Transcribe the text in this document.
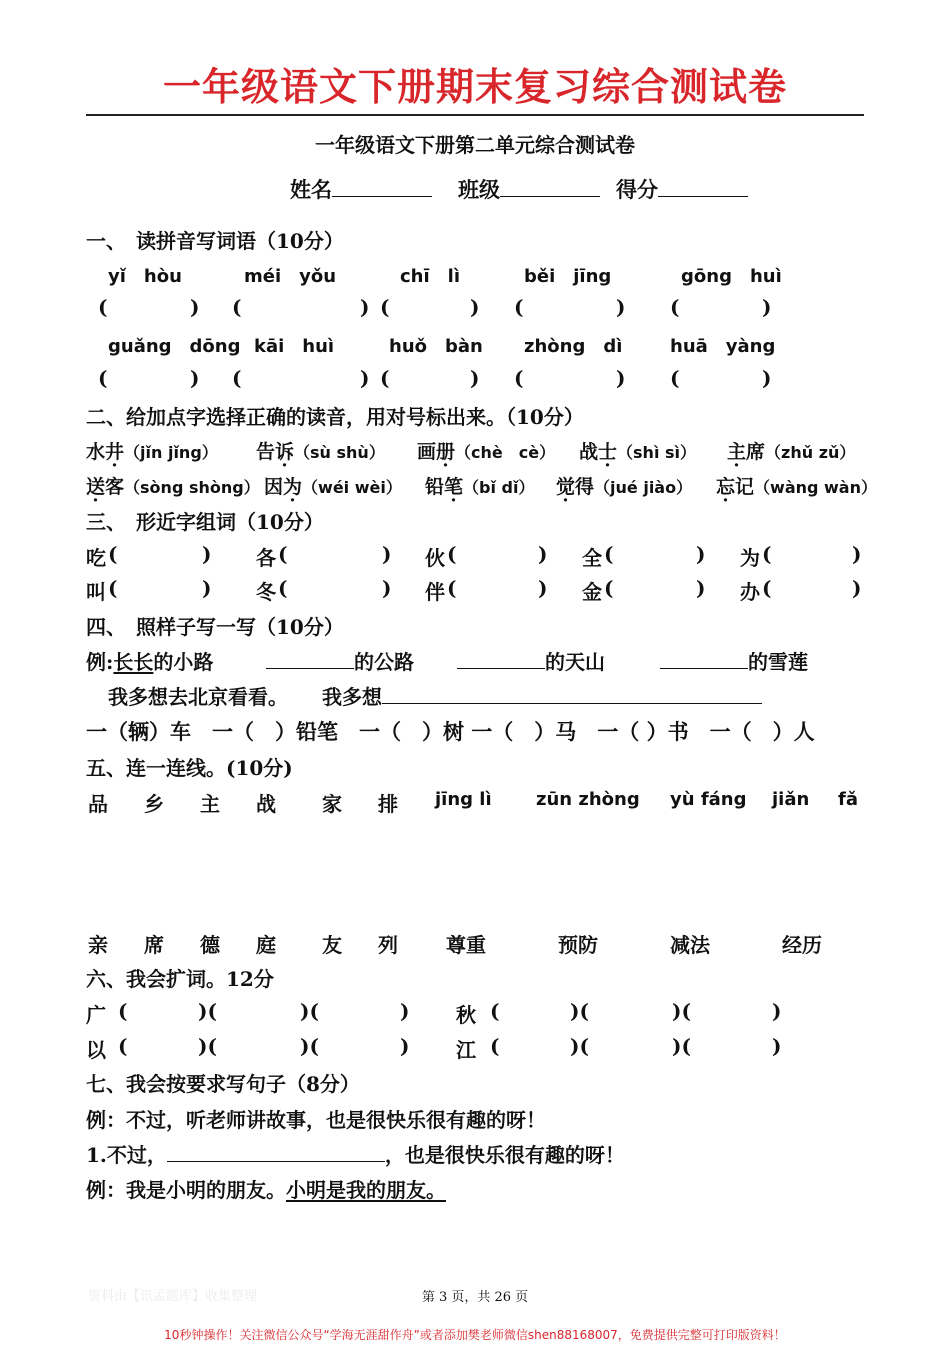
一年级语文下册期末复习综合测试卷
一年级语文下册第二单元综合测试卷
姓名	班级	得分
一、　读拼音写词语（10分）
yǐ　hòu	méi　yǒu	chī　lì	běi　jīng	gōng　huì
(	) (	) (	) (	) (	)
guǎng　dōng kāi　huì	huǒ　bàn zhòng　dì	huā　yàng
(	) (	) (	) (	) (	)
二、给加点字选择正确的读音，用对号标出来。（10分）
水井（jǐn jǐng） 告诉（sù shù） 画册（chè　cè） 战士（shì sì） 主席（zhǔ zǔ）
送客（sòng shòng） 因为（wéi wèi） 铅笔（bǐ dǐ） 觉得（jué jiào） 忘记（wàng wàn）
三、　形近字组词（10分）
吃 (	) 各 (	) 伙 (	) 全 (	) 为 (	)
叫 (	) 冬 (	) 伴 (	) 金 (	) 办 (	)
四、　照样子写一写（10分）
例:长长的小路	的公路	的天山	的雪莲
我多想去北京看看。 我多想
一（辆）车　一（　）铅笔　一（　）树 一（　）马　一（ ）书　一（　）人
五、连一连线。(10分)
品 乡 主 战 家 排 jīng lì zūn zhòng yù fáng jiǎn fǎ
亲 席 德 庭 友 列 尊重	预防	减法	经历
六、我会扩词。12分
广 (	)(	)(	) 秋 (	)(	)(	)
以 (	)(	)(	) 江 (	)(	)(	)
七、我会按要求写句子（8分）
例：不过，听老师讲故事，也是很快乐很有趣的呀！
1.不过，	，也是很快乐很有趣的呀！
例：我是小明的朋友。小明是我的朋友。
资料由【讯孟题库】收集整理	第 3 页，共 26 页
10秒钟操作！关注微信公众号“学海无涯甜作舟”或者添加樊老师微信shen88168007，免费提供完整可打印版资料！
